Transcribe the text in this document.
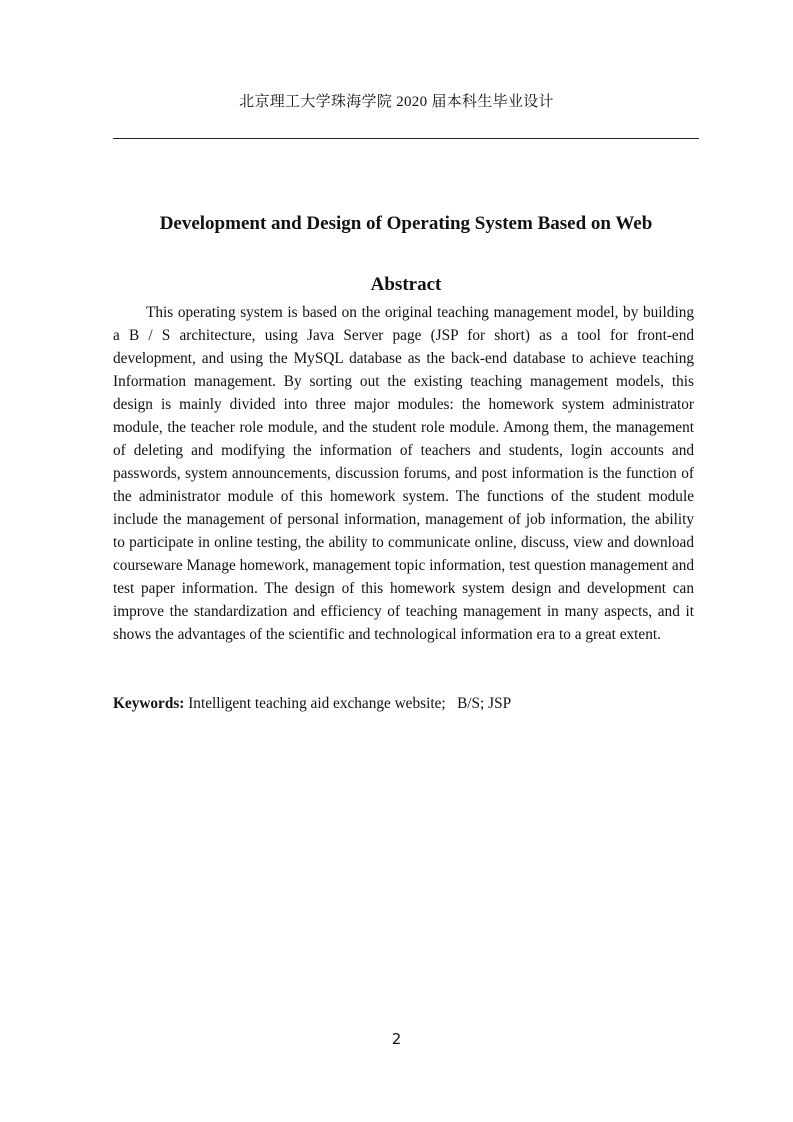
北京理工大学珠海学院 2020 届本科生毕业设计
Development and Design of Operating System Based on Web
Abstract

This operating system is based on the original teaching management model, by building a B / S architecture, using Java Server page (JSP for short) as a tool for front-end development, and using the MySQL database as the back-end database to achieve teaching Information management. By sorting out the existing teaching management models, this design is mainly divided into three major modules: the homework system administrator module, the teacher role module, and the student role module. Among them, the management of deleting and modifying the information of teachers and students, login accounts and passwords, system announcements, discussion forums, and post information is the function of the administrator module of this homework system. The functions of the student module include the management of personal information, management of job information, the ability to participate in online testing, the ability to communicate online, discuss, view and download courseware Manage homework, management topic information, test question management and test paper information. The design of this homework system design and development can improve the standardization and efficiency of teaching management in many aspects, and it shows the advantages of the scientific and technological information era to a great extent.

Keywords: Intelligent teaching aid exchange website;   B/S; JSP
2
